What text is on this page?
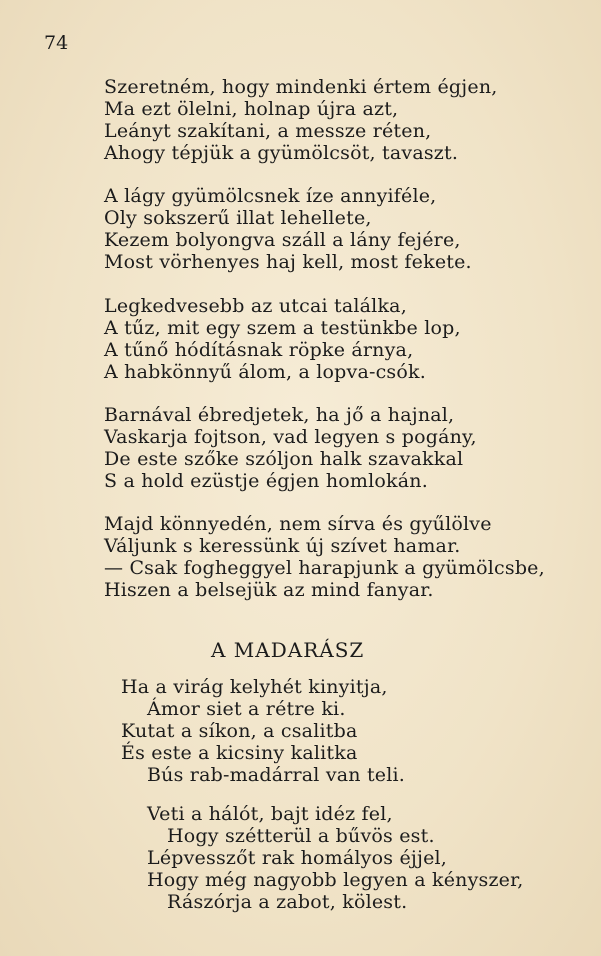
74
Szeretném, hogy mindenki értem égjen,
Ma ezt ölelni, holnap újra azt,
Leányt szakítani, a messze réten,
Ahogy tépjük a gyümölcsöt, tavaszt.
A lágy gyümölcsnek íze annyiféle,
Oly sokszerű illat lehellete,
Kezem bolyongva száll a lány fejére,
Most vörhenyes haj kell, most fekete.
Legkedvesebb az utcai találka,
A tűz, mit egy szem a testünkbe lop,
A tűnő hódításnak röpke árnya,
A habkönnyű álom, a lopva-csók.
Barnával ébredjetek, ha jő a hajnal,
Vaskarja fojtson, vad legyen s pogány,
De este szőke szóljon halk szavakkal
S a hold ezüstje égjen homlokán.
Majd könnyedén, nem sírva és gyűlölve
Váljunk s keressünk új szívet hamar.
— Csak fogheggyel harapjunk a gyümölcsbe,
Hiszen a belsejük az mind fanyar.
A MADARÁSZ
Ha a virág kelyhét kinyitja,
Ámor siet a rétre ki.
Kutat a síkon, a csalitba
És este a kicsiny kalitka
Bús rab-madárral van teli.
Veti a hálót, bajt idéz fel,
Hogy szétterül a bűvös est.
Lépvesszőt rak homályos éjjel,
Hogy még nagyobb legyen a kényszer,
Rászórja a zabot, kölest.
